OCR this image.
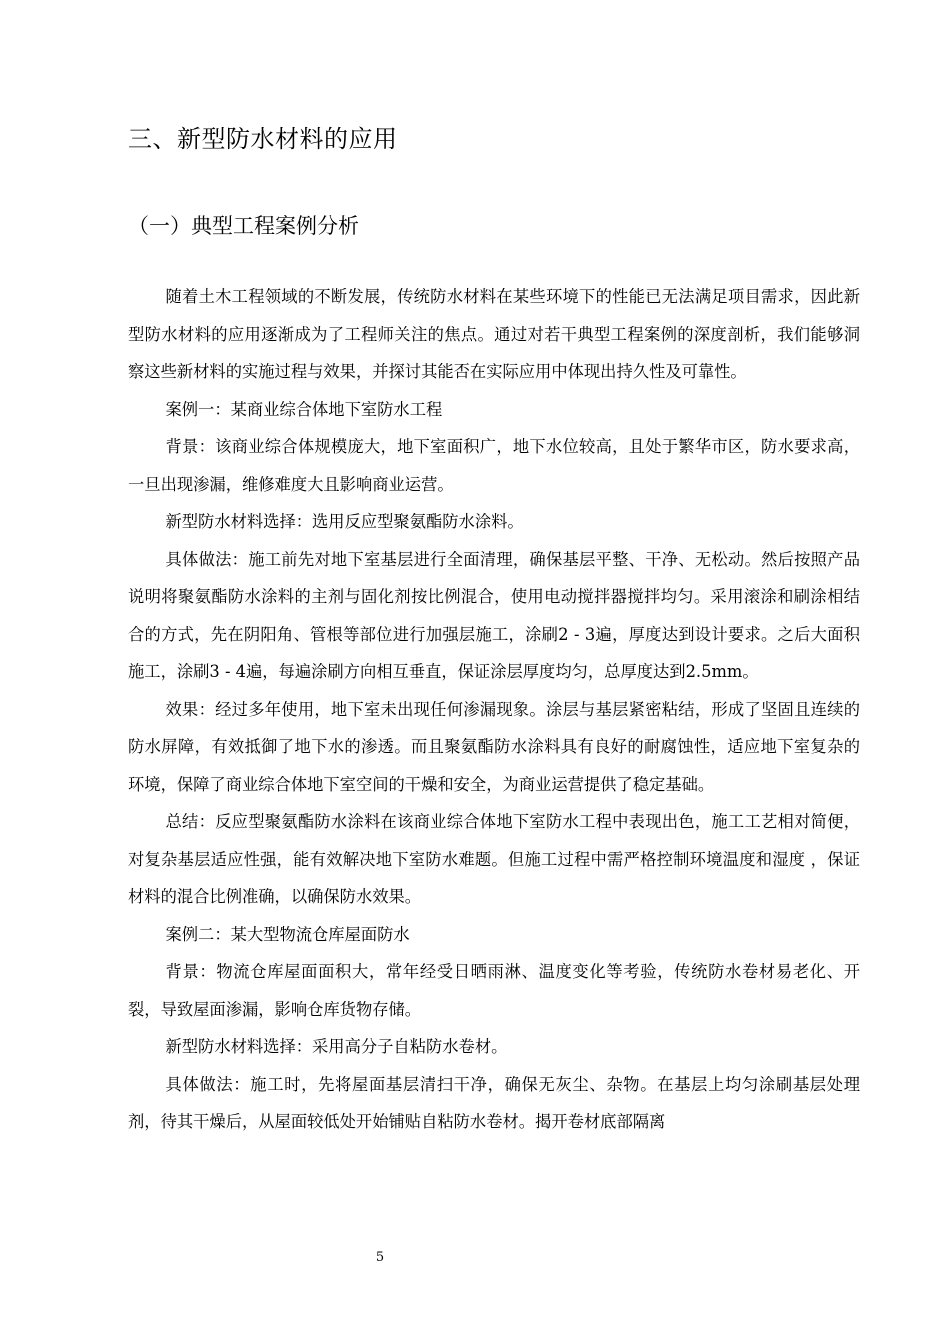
三、新型防水材料的应用
（一）典型工程案例分析

随着土木工程领域的不断发展，传统防水材料在某些环境下的性能已无法满足项目需求，因此新型防水材料的应用逐渐成为了工程师关注的焦点。通过对若干典型工程案例的深度剖析，我们能够洞察这些新材料的实施过程与效果，并探讨其能否在实际应用中体现出持久性及可靠性。

案例一：某商业综合体地下室防水工程

背景：该商业综合体规模庞大，地下室面积广，地下水位较高，且处于繁华市区，防水要求高，一旦出现渗漏，维修难度大且影响商业运营。

新型防水材料选择：选用反应型聚氨酯防水涂料。

具体做法：施工前先对地下室基层进行全面清理，确保基层平整、干净、无松动。然后按照产品说明将聚氨酯防水涂料的主剂与固化剂按比例混合，使用电动搅拌器搅拌均匀。采用滚涂和刷涂相结合的方式，先在阴阳角、管根等部位进行加强层施工，涂刷2 - 3遍，厚度达到设计要求。之后大面积施工，涂刷3 - 4遍，每遍涂刷方向相互垂直，保证涂层厚度均匀，总厚度达到2.5mm。

效果：经过多年使用，地下室未出现任何渗漏现象。涂层与基层紧密粘结，形成了坚固且连续的防水屏障，有效抵御了地下水的渗透。而且聚氨酯防水涂料具有良好的耐腐蚀性，适应地下室复杂的环境，保障了商业综合体地下室空间的干燥和安全，为商业运营提供了稳定基础。

总结：反应型聚氨酯防水涂料在该商业综合体地下室防水工程中表现出色，施工工艺相对简便，对复杂基层适应性强，能有效解决地下室防水难题。但施工过程中需严格控制环境温度和湿度 ，保证材料的混合比例准确，以确保防水效果。

案例二：某大型物流仓库屋面防水

背景：物流仓库屋面面积大，常年经受日晒雨淋、温度变化等考验，传统防水卷材易老化、开裂，导致屋面渗漏，影响仓库货物存储。

新型防水材料选择：采用高分子自粘防水卷材。

具体做法：施工时，先将屋面基层清扫干净，确保无灰尘、杂物。在基层上均匀涂刷基层处理剂，待其干燥后，从屋面较低处开始铺贴自粘防水卷材。揭开卷材底部隔离

5
